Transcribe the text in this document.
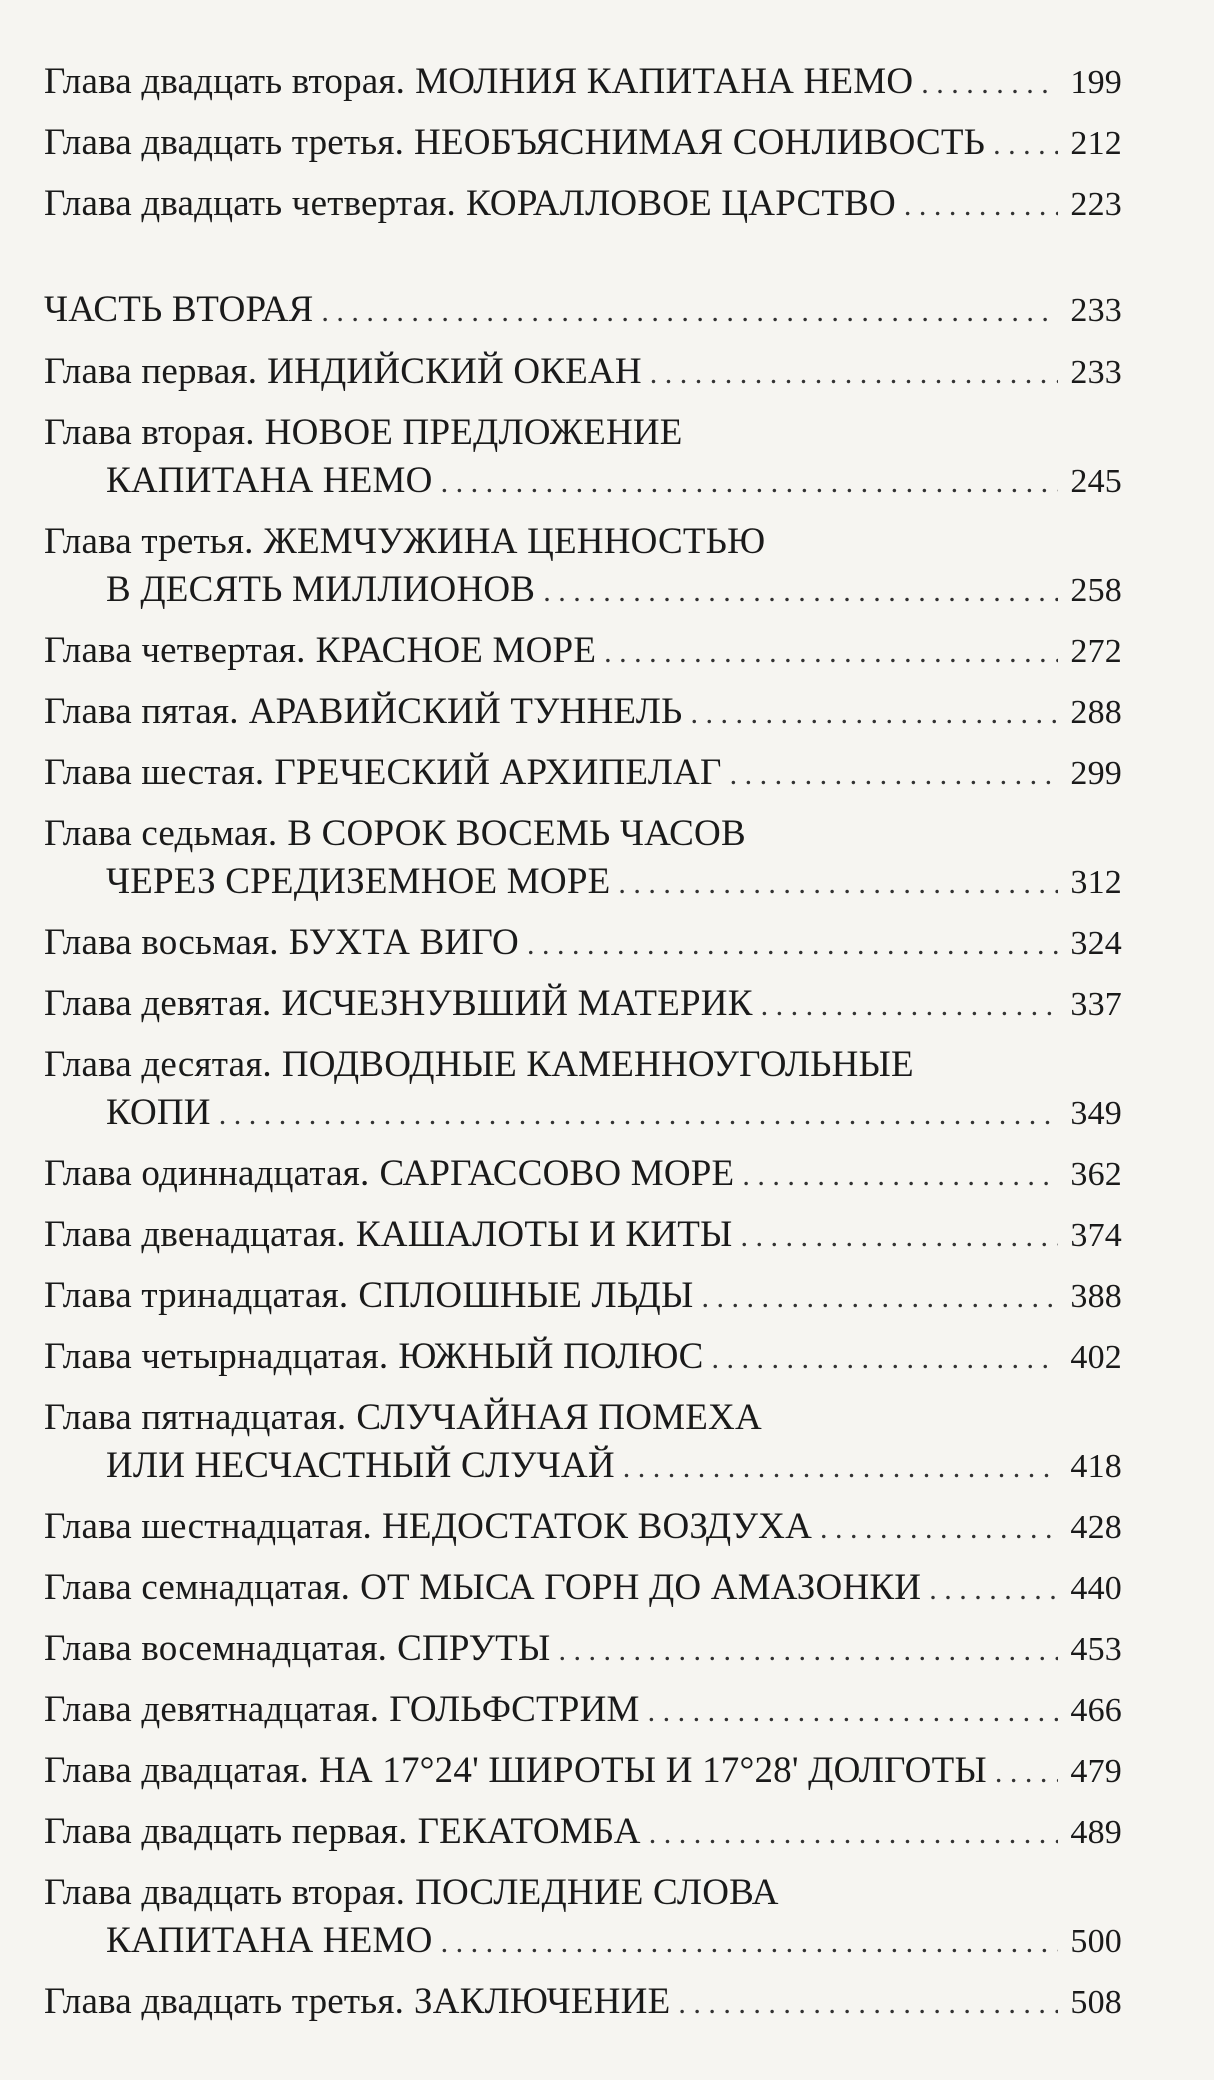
Глава двадцать вторая. МОЛНИЯ КАПИТАНА НЕМО . . .	199
Глава двадцать третья. НЕОБЪЯСНИМАЯ СОНЛИВОСТЬ . . .	212
Глава двадцать четвертая. КОРАЛЛОВОЕ ЦАРСТВО . . .	223
ЧАСТЬ ВТОРАЯ . . .	233
Глава первая. ИНДИЙСКИЙ ОКЕАН . . .	233
Глава вторая. НОВОЕ ПРЕДЛОЖЕНИЕ
КАПИТАНА НЕМО . . .	245
Глава третья. ЖЕМЧУЖИНА ЦЕННОСТЬЮ
В ДЕСЯТЬ МИЛЛИОНОВ . . .	258
Глава четвертая. КРАСНОЕ МОРЕ . . .	272
Глава пятая. АРАВИЙСКИЙ ТУННЕЛЬ . . .	288
Глава шестая. ГРЕЧЕСКИЙ АРХИПЕЛАГ . . .	299
Глава седьмая. В СОРОК ВОСЕМЬ ЧАСОВ
ЧЕРЕЗ СРЕДИЗЕМНОЕ МОРЕ . . .	312
Глава восьмая. БУХТА ВИГО . . .	324
Глава девятая. ИСЧЕЗНУВШИЙ МАТЕРИК . . .	337
Глава десятая. ПОДВОДНЫЕ КАМЕННОУГОЛЬНЫЕ
КОПИ . . .	349
Глава одиннадцатая. САРГАССОВО МОРЕ . . .	362
Глава двенадцатая. КАШАЛОТЫ И КИТЫ . . .	374
Глава тринадцатая. СПЛОШНЫЕ ЛЬДЫ . . .	388
Глава четырнадцатая. ЮЖНЫЙ ПОЛЮС . . .	402
Глава пятнадцатая. СЛУЧАЙНАЯ ПОМЕХА
ИЛИ НЕСЧАСТНЫЙ СЛУЧАЙ . . .	418
Глава шестнадцатая. НЕДОСТАТОК ВОЗДУХА . . .	428
Глава семнадцатая. ОТ МЫСА ГОРН ДО АМАЗОНКИ . . .	440
Глава восемнадцатая. СПРУТЫ . . .	453
Глава девятнадцатая. ГОЛЬФСТРИМ . . .	466
Глава двадцатая. НА 17°24' ШИРОТЫ И 17°28' ДОЛГОТЫ . . . 479
Глава двадцать первая. ГЕКАТОМБА . . .	489
Глава двадцать вторая. ПОСЛЕДНИЕ СЛОВА
КАПИТАНА НЕМО . . .	500
Глава двадцать третья. ЗАКЛЮЧЕНИЕ . . .	508
